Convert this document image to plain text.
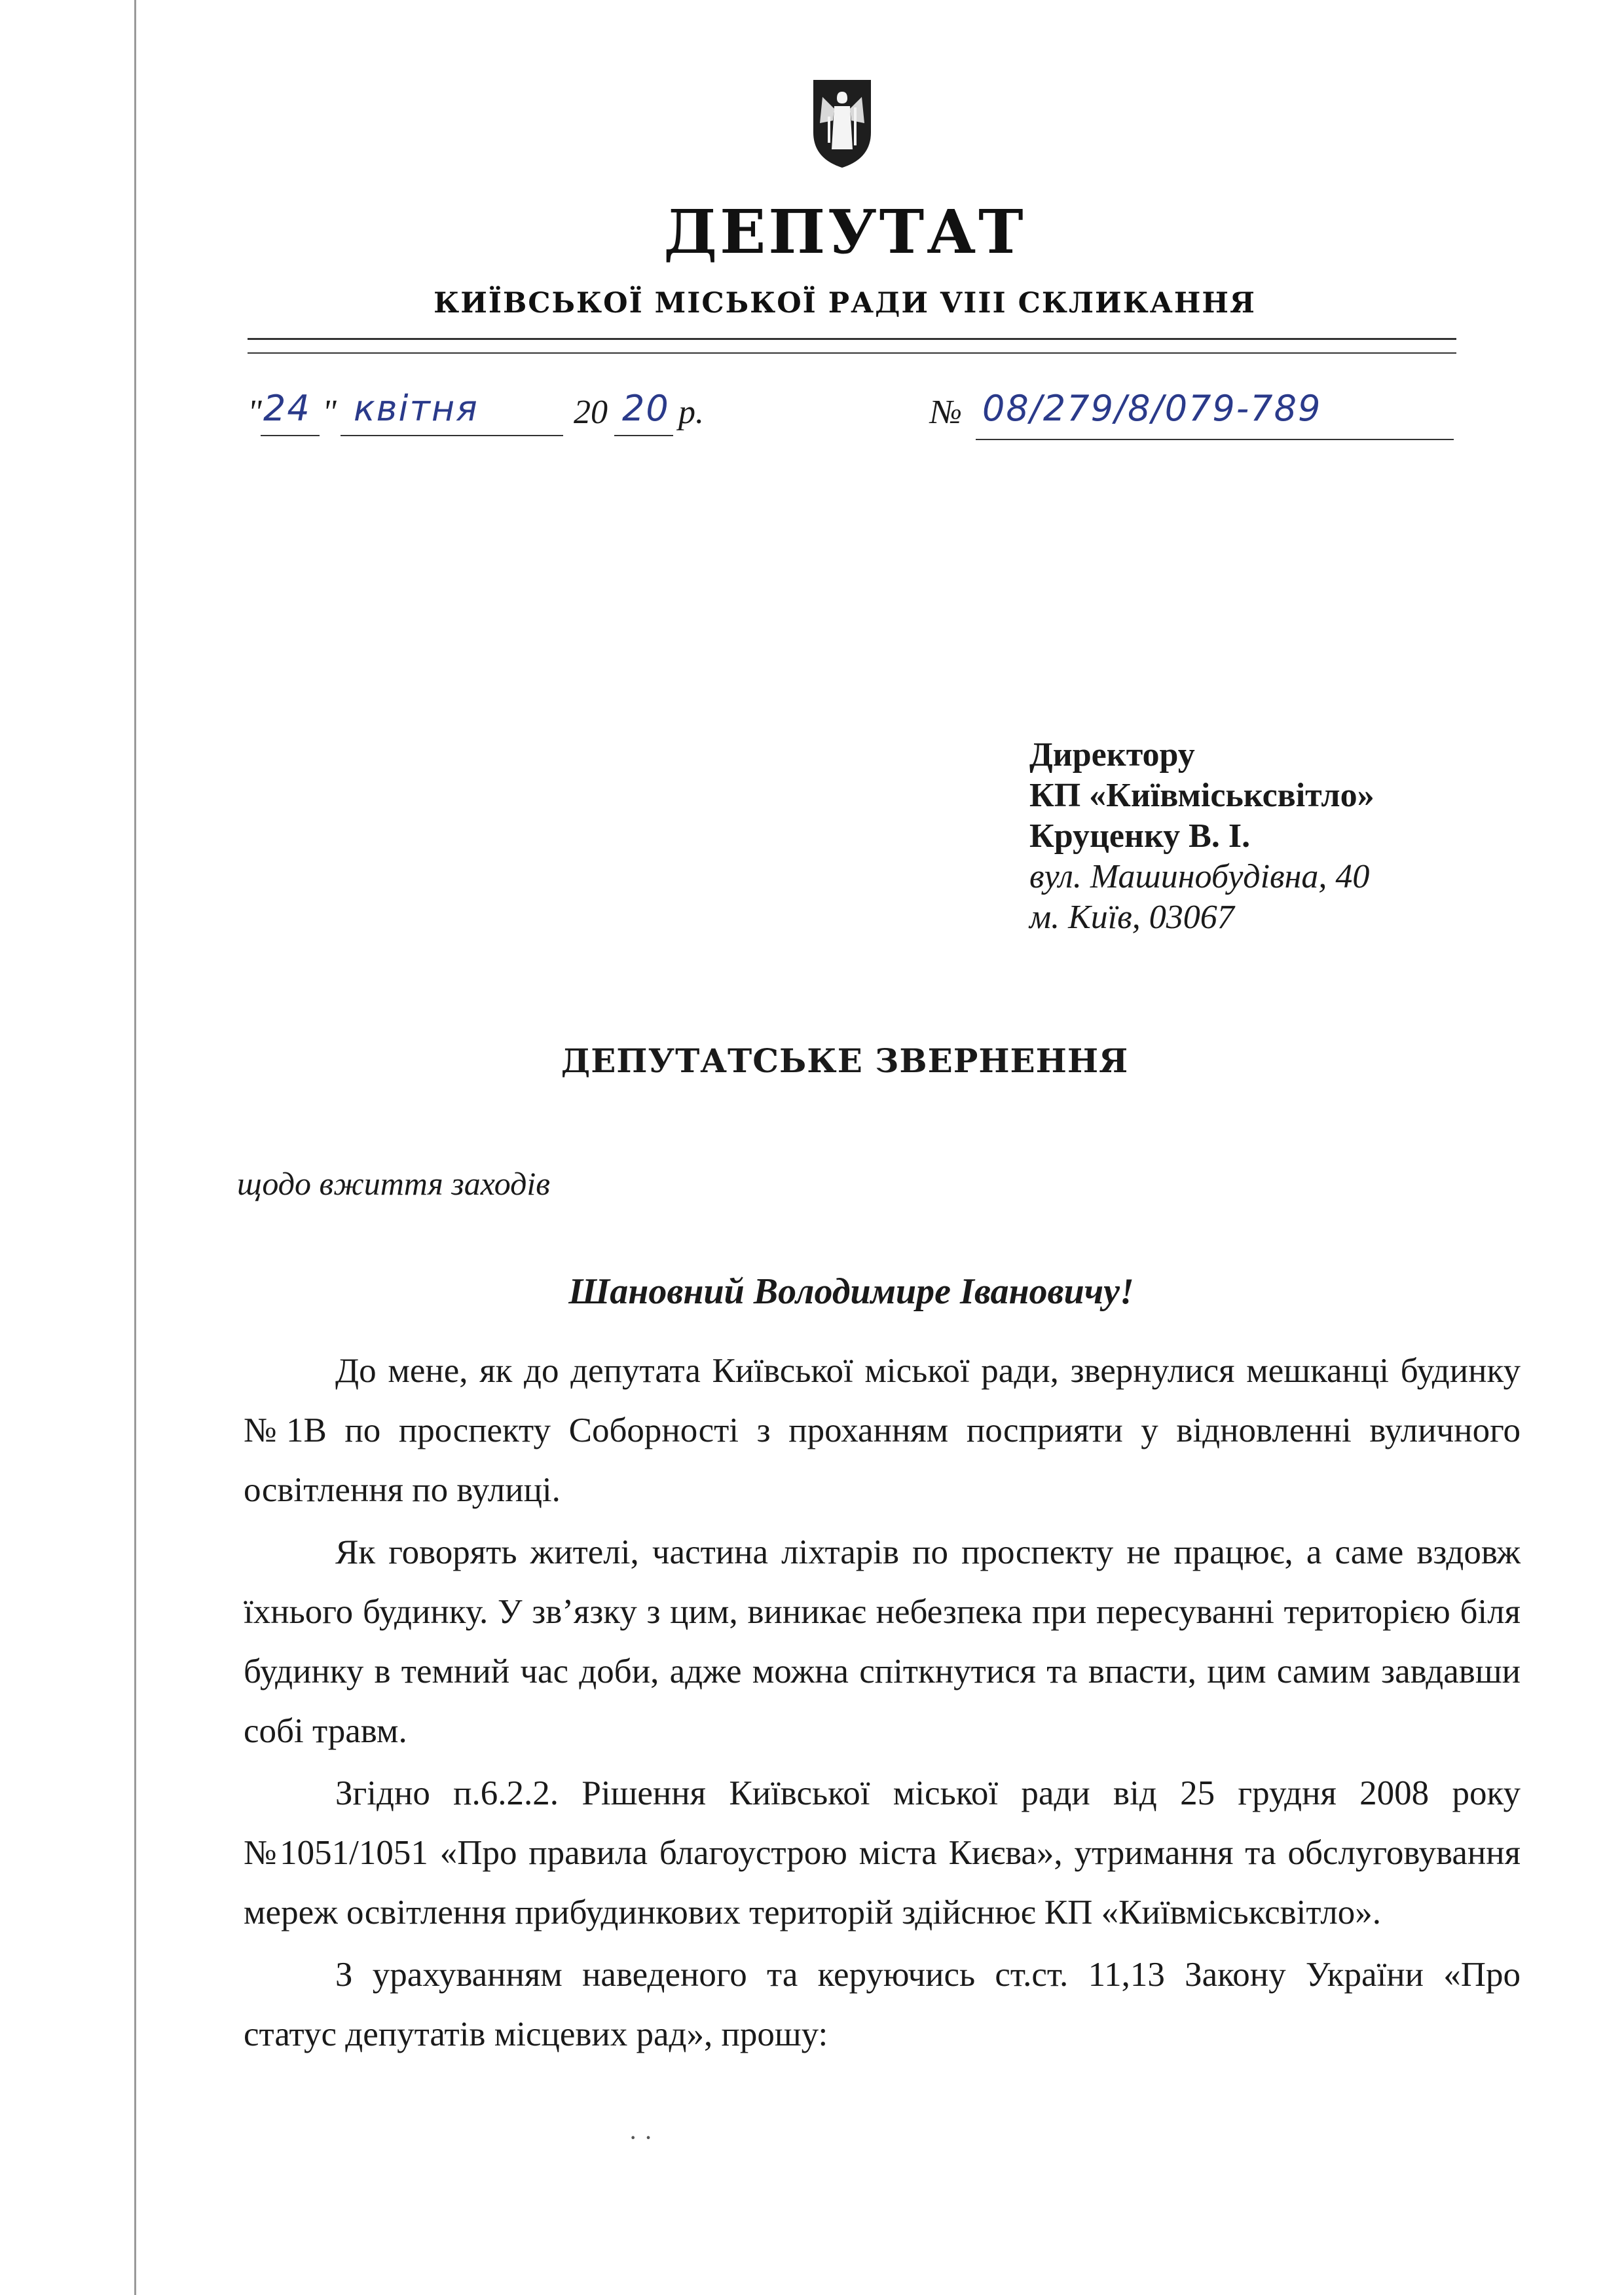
ДЕПУТАТ
КИЇВСЬКОЇ МІСЬКОЇ РАДИ VIII СКЛИКАННЯ
" 24 " квітня	20 20 р.	№ 08/279/8/079-789
Директору
КП «Київміськсвітло»
Круценку В. І.
вул. Машинобудівна, 40
м. Київ, 03067
ДЕПУТАТСЬКЕ ЗВЕРНЕННЯ
щодо вжиття заходів
Шановний Володимире Івановичу!

До мене, як до депутата Київської міської ради, звернулися мешканці будинку №1В по проспекту Соборності з проханням посприяти у відновленні вуличного освітлення по вулиці.

Як говорять жителі, частина ліхтарів по проспекту не працює, а саме вздовж їхнього будинку. У зв’язку з цим, виникає небезпека при пересуванні територією біля будинку в темний час доби, адже можна спіткнутися та впасти, цим самим завдавши собі травм.

Згідно п.6.2.2. Рішення Київської міської ради від 25 грудня 2008 року №1051/1051 «Про правила благоустрою міста Києва», утримання та обслуговування мереж освітлення прибудинкових територій здійснює КП «Київміськсвітло».

З урахуванням наведеного та керуючись ст.ст. 11,13 Закону України «Про статус депутатів місцевих рад», прошу:

· ·
